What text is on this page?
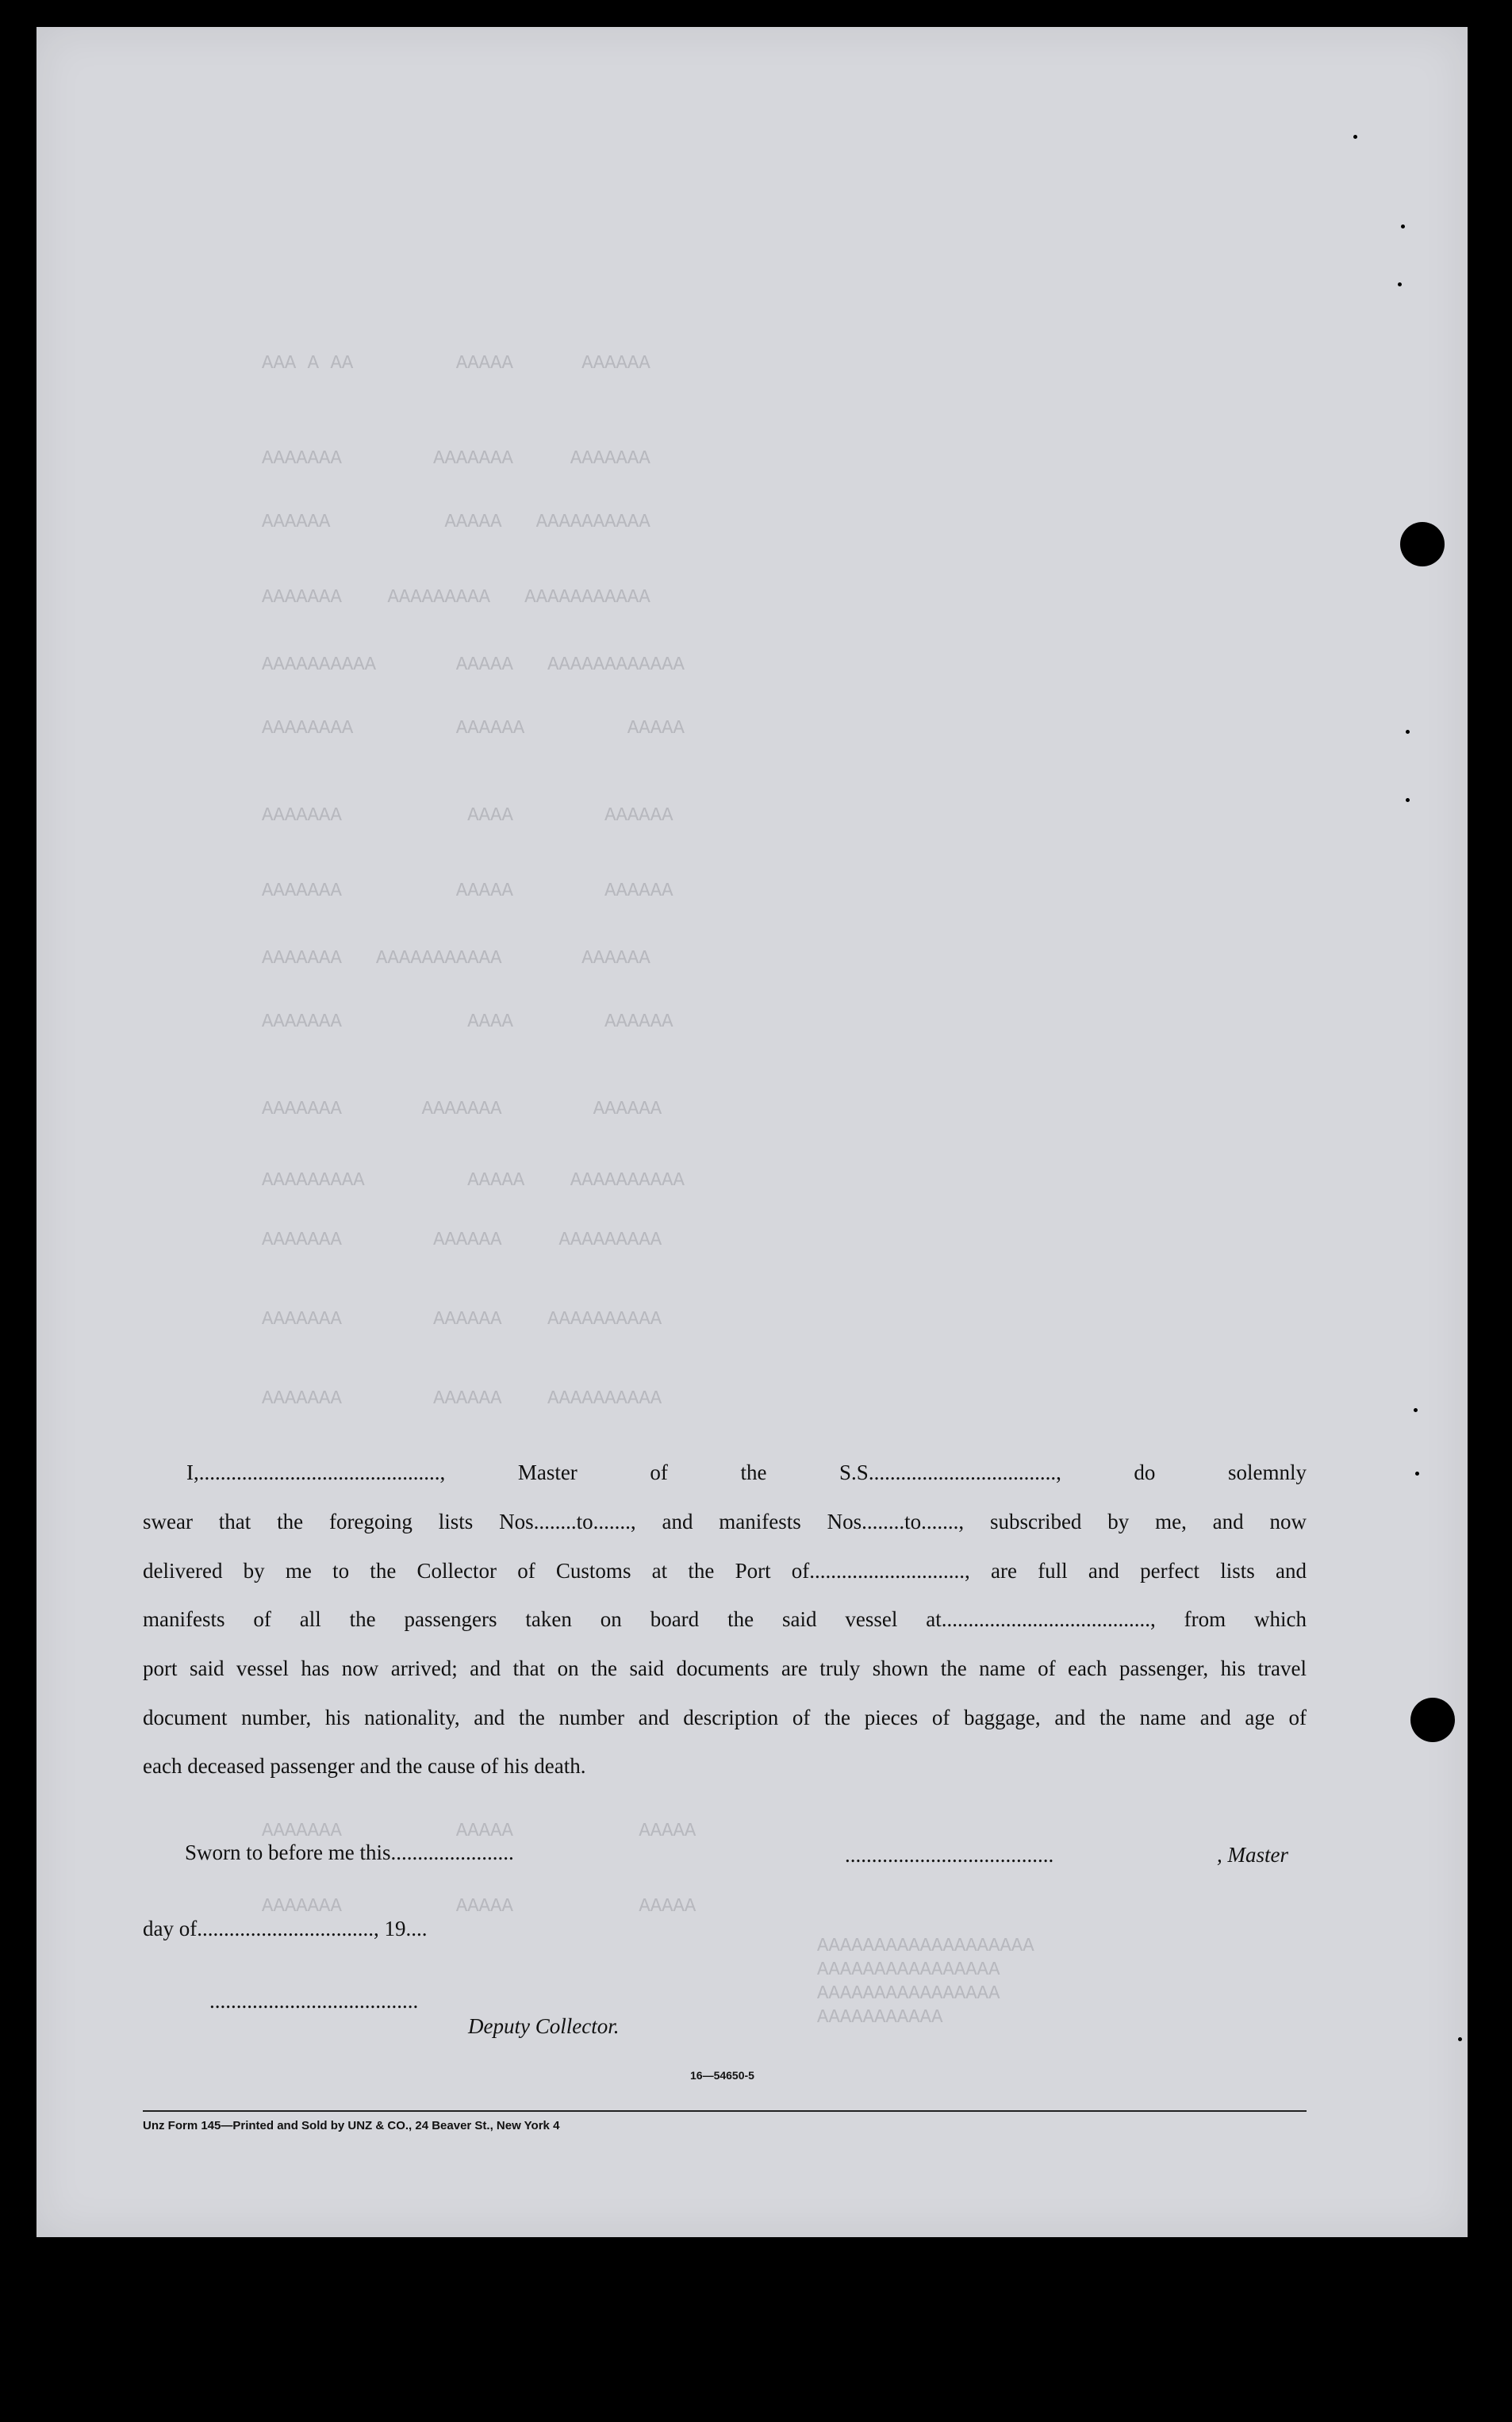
AAAAAA      AAAAA         AA A AAA
AAAAAAA     AAAAAAA        AAAAAAA
AAAAAAAAAA   AAAAA          AAAAAA
AAAAAAAAAAA   AAAAAAAAA    AAAAAAA
AAAAAAAAAAAA   AAAAA       AAAAAAAAAA
AAAAA         AAAAAA         AAAAAAAA
AAAAAA        AAAA           AAAAAAA
AAAAAA        AAAAA          AAAAAAA
AAAAAA       AAAAAAAAAAA   AAAAAAA
AAAAAA        AAAA           AAAAAAA
AAAAAA        AAAAAAA       AAAAAAA
AAAAAAAAAA    AAAAA         AAAAAAAAA
AAAAAAAAA     AAAAAA        AAAAAAA
AAAAAAAAAA    AAAAAA        AAAAAAA
AAAAAAAAAA    AAAAAA        AAAAAAA
AAAAA           AAAAA          AAAAAAA
AAAAA           AAAAA          AAAAAAA
AAAAAAAAAAAAAAAAAAA
AAAAAAAAAAAAAAAA
AAAAAAAAAAAAAAAA
AAAAAAAAAAA
I,............................................., Master of the S.S..................................., do solemnly
swear that the foregoing lists Nos........to......., and manifests Nos........to......., subscribed by me, and now
delivered by me to the Collector of Customs at the Port of............................., are full and perfect lists and
manifests of all the passengers taken on board the said vessel at......................................., from which
port said vessel has now arrived; and that on the said documents are truly shown the name of each passenger, his travel
document number, his nationality, and the number and description of the pieces of baggage, and the name and age of
each deceased passenger and the cause of his death.
Sworn to before me this.......................	.......................................	, Master
day of................................., 19....
.......................................
Deputy Collector.
16—54650-5
Unz Form 145—Printed and Sold by UNZ & CO., 24 Beaver St., New York 4
